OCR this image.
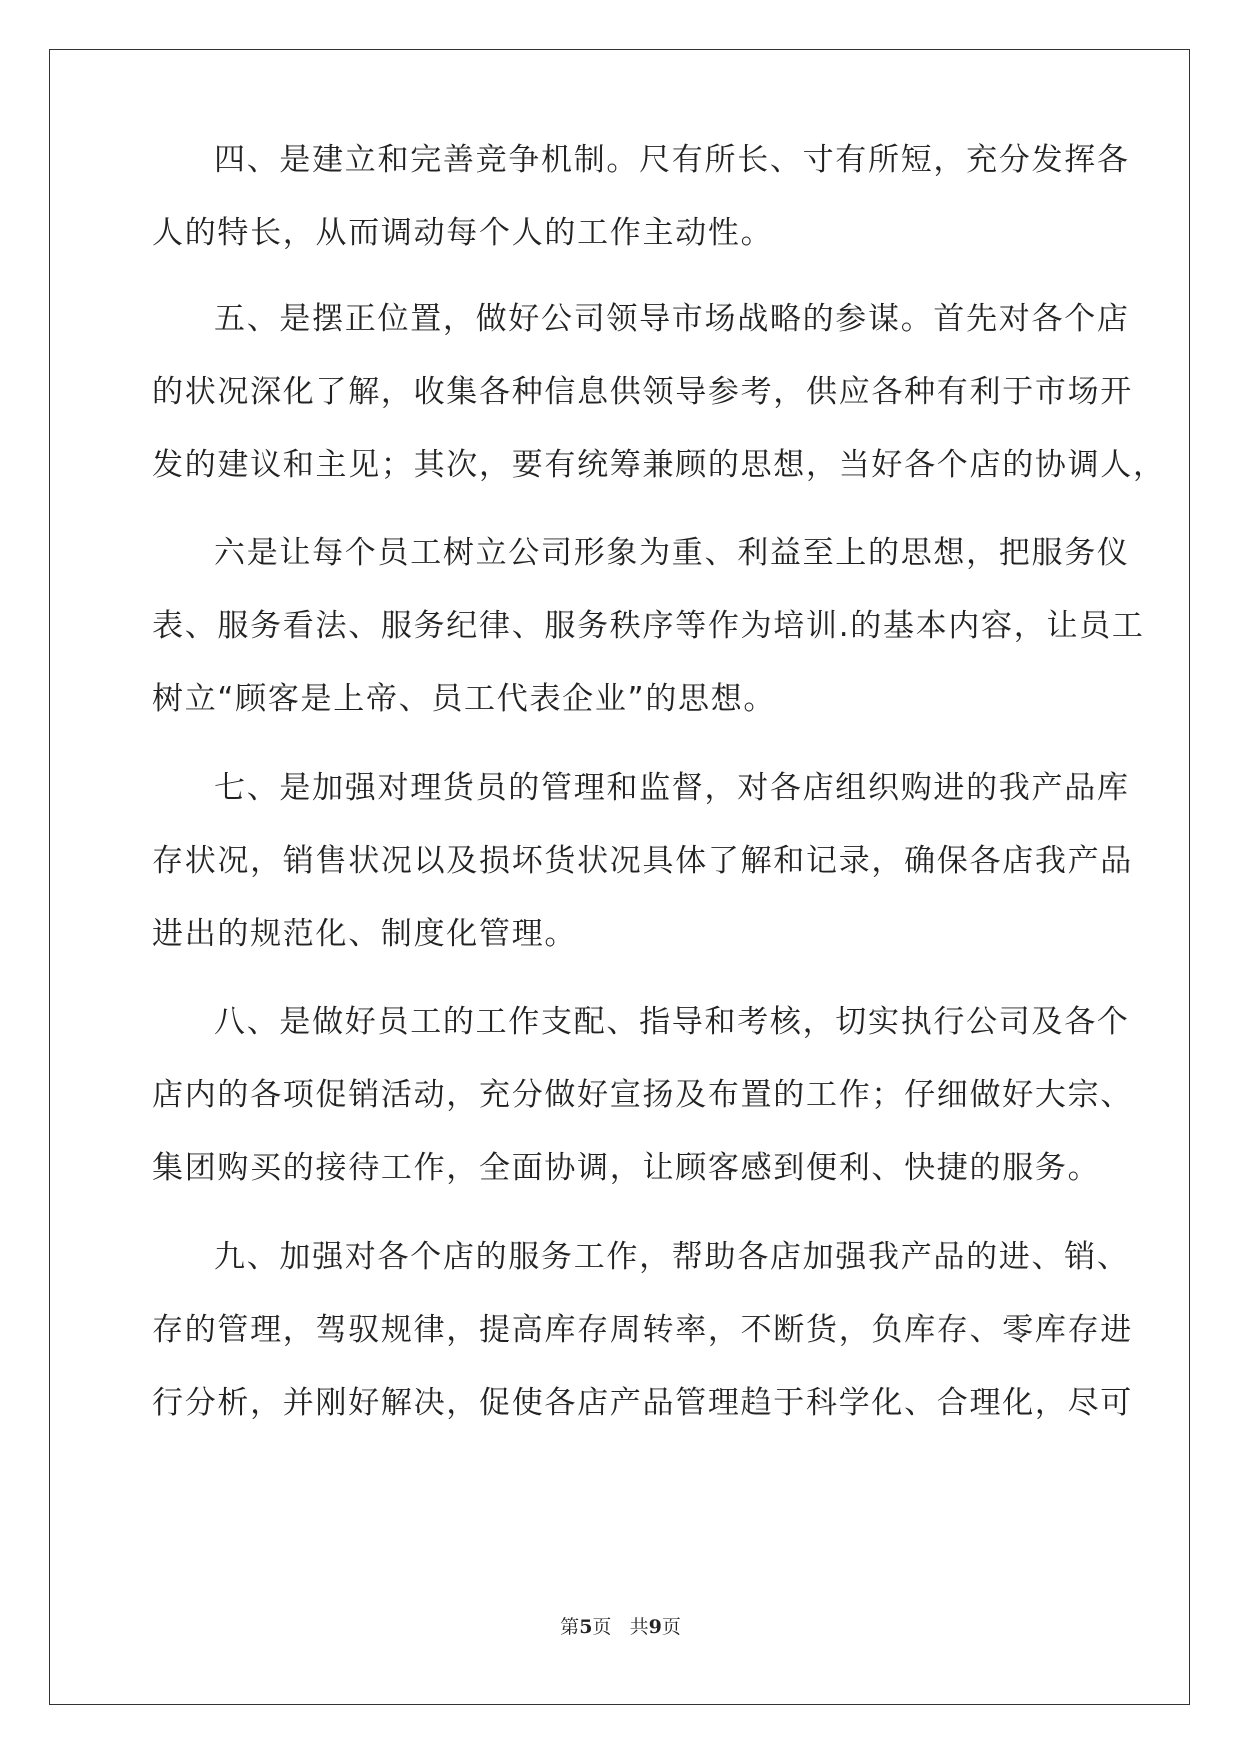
四、是建立和完善竞争机制。尺有所长、寸有所短，充分发挥各
人的特长，从而调动每个人的工作主动性。
五、是摆正位置，做好公司领导市场战略的参谋。首先对各个店
的状况深化了解，收集各种信息供领导参考，供应各种有利于市场开
发的建议和主见；其次，要有统筹兼顾的思想，当好各个店的协调人，
六是让每个员工树立公司形象为重、利益至上的思想，把服务仪
表、服务看法、服务纪律、服务秩序等作为培训.的基本内容，让员工
树立“顾客是上帝、员工代表企业”的思想。
七、是加强对理货员的管理和监督，对各店组织购进的我产品库
存状况，销售状况以及损坏货状况具体了解和记录，确保各店我产品
进出的规范化、制度化管理。
八、是做好员工的工作支配、指导和考核，切实执行公司及各个
店内的各项促销活动，充分做好宣扬及布置的工作；仔细做好大宗、
集团购买的接待工作，全面协调，让顾客感到便利、快捷的服务。
九、加强对各个店的服务工作，帮助各店加强我产品的进、销、
存的管理，驾驭规律，提高库存周转率，不断货，负库存、零库存进
行分析，并刚好解决，促使各店产品管理趋于科学化、合理化，尽可
第5页 共9页
